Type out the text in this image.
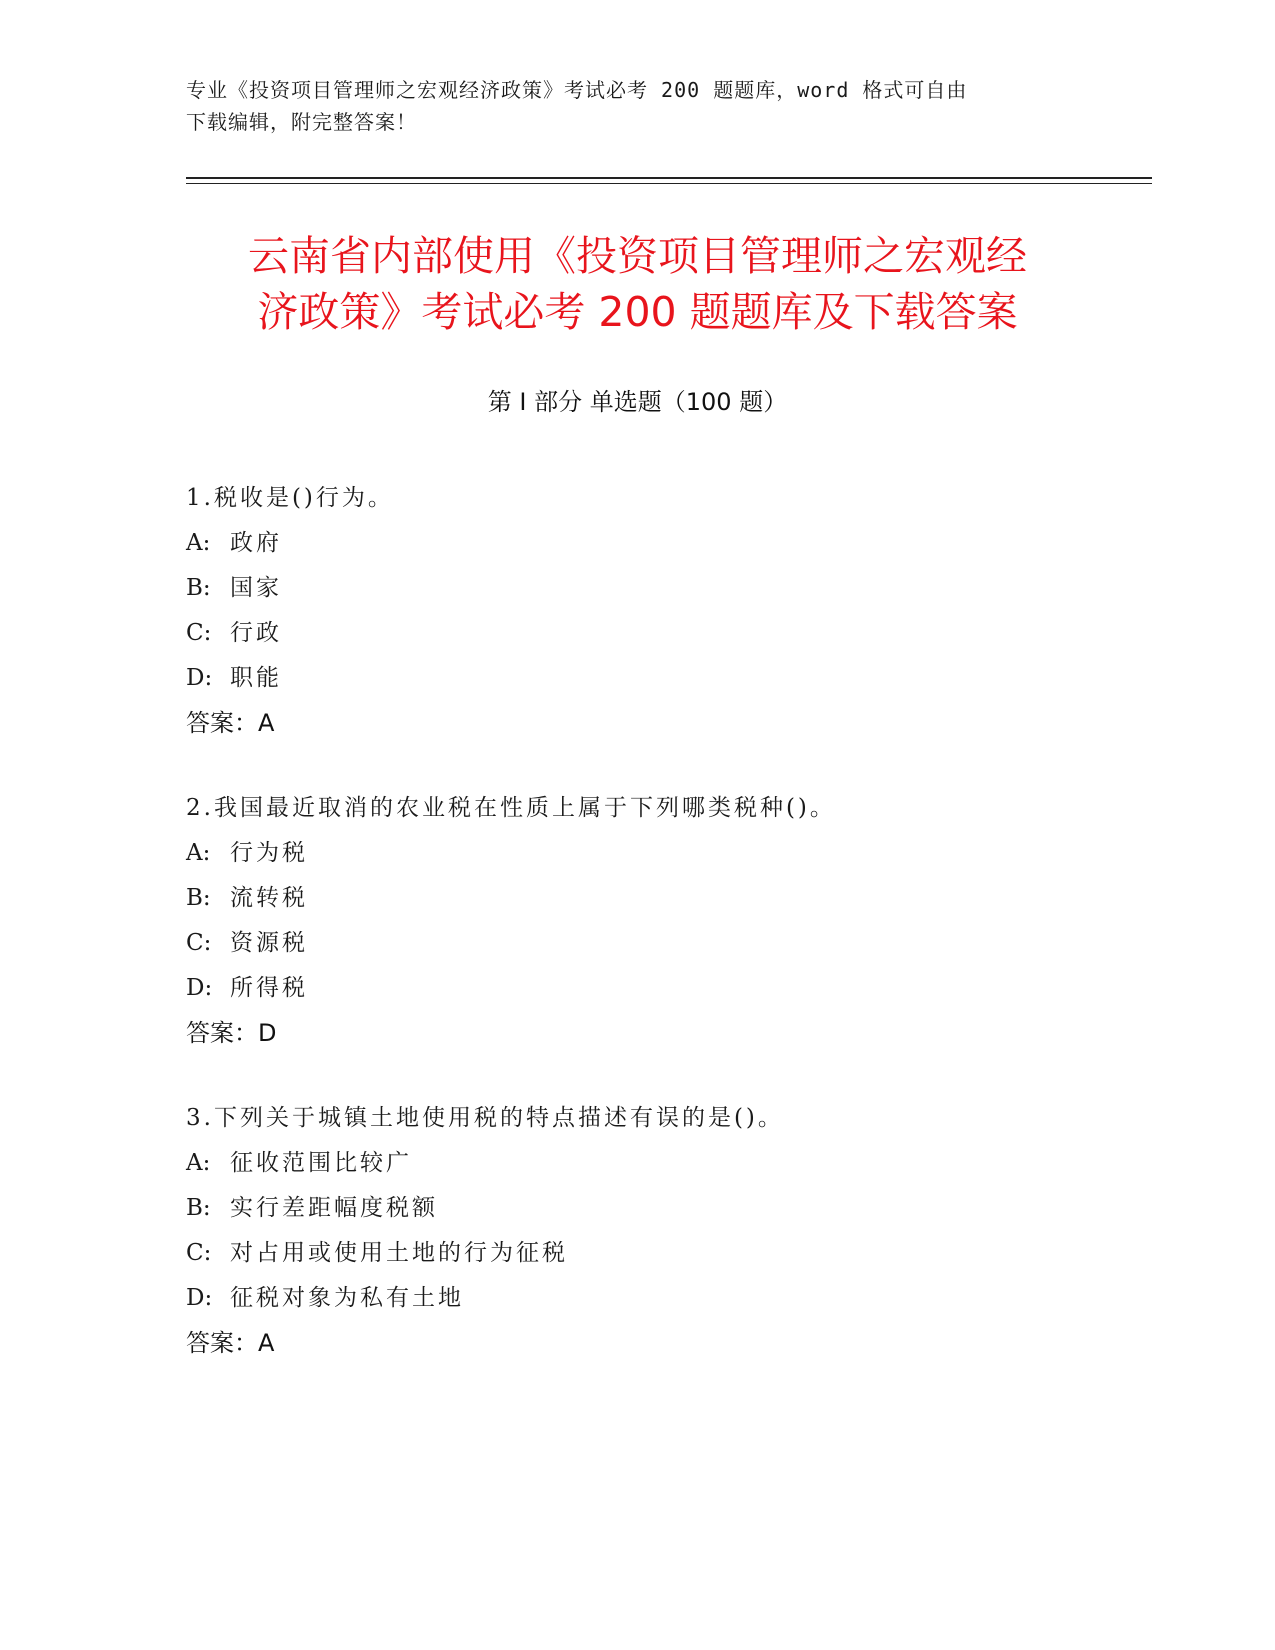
专业《投资项目管理师之宏观经济政策》考试必考 200 题题库，word 格式可自由
下载编辑，附完整答案！
云南省内部使用《投资项目管理师之宏观经
济政策》考试必考 200 题题库及下载答案
第 I 部分 单选题（100 题）
1.税收是()行为。
A: 政府
B: 国家
C: 行政
D: 职能
答案：A
2.我国最近取消的农业税在性质上属于下列哪类税种()。
A: 行为税
B: 流转税
C: 资源税
D: 所得税
答案：D
3.下列关于城镇土地使用税的特点描述有误的是()。
A: 征收范围比较广
B: 实行差距幅度税额
C: 对占用或使用土地的行为征税
D: 征税对象为私有土地
答案：A
